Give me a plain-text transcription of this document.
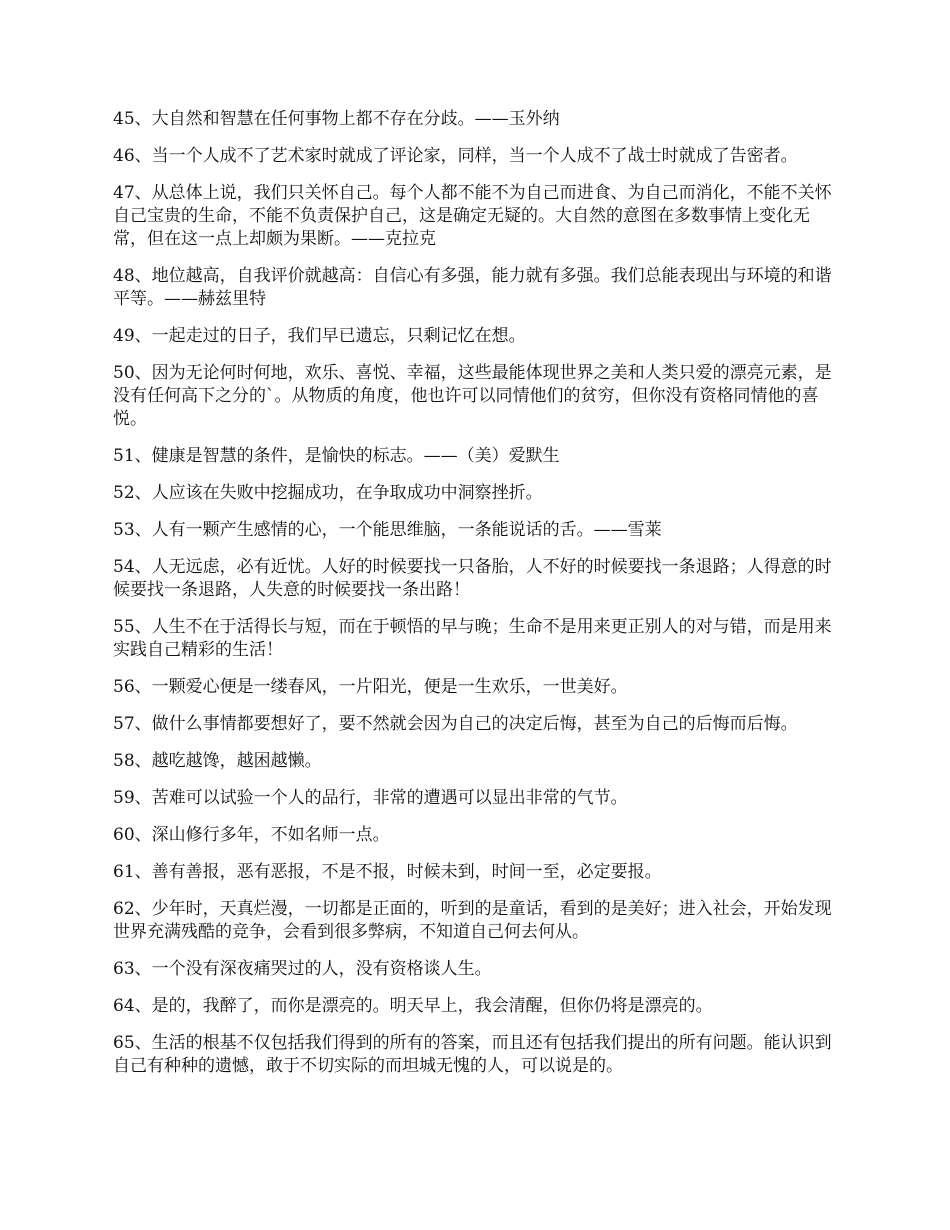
45、大自然和智慧在任何事物上都不存在分歧。——玉外纳

46、当一个人成不了艺术家时就成了评论家，同样，当一个人成不了战士时就成了告密者。

47、从总体上说，我们只关怀自己。每个人都不能不为自己而进食、为自己而消化，不能不关怀自己宝贵的生命，不能不负责保护自己，这是确定无疑的。大自然的意图在多数事情上变化无常，但在这一点上却颇为果断。——克拉克

48、地位越高，自我评价就越高：自信心有多强，能力就有多强。我们总能表现出与环境的和谐平等。——赫兹里特

49、一起走过的日子，我们早已遗忘，只剩记忆在想。

50、因为无论何时何地，欢乐、喜悦、幸福，这些最能体现世界之美和人类只爱的漂亮元素，是没有任何高下之分的`。从物质的角度，他也许可以同情他们的贫穷，但你没有资格同情他的喜悦。

51、健康是智慧的条件，是愉快的标志。——（美）爱默生

52、人应该在失败中挖掘成功，在争取成功中洞察挫折。

53、人有一颗产生感情的心，一个能思维脑，一条能说话的舌。——雪莱

54、人无远虑，必有近忧。人好的时候要找一只备胎，人不好的时候要找一条退路；人得意的时候要找一条退路，人失意的时候要找一条出路！

55、人生不在于活得长与短，而在于顿悟的早与晚；生命不是用来更正别人的对与错，而是用来实践自己精彩的生活！

56、一颗爱心便是一缕春风，一片阳光，便是一生欢乐，一世美好。

57、做什么事情都要想好了，要不然就会因为自己的决定后悔，甚至为自己的后悔而后悔。

58、越吃越馋，越困越懒。

59、苦难可以试验一个人的品行，非常的遭遇可以显出非常的气节。

60、深山修行多年，不如名师一点。

61、善有善报，恶有恶报，不是不报，时候未到，时间一至，必定要报。

62、少年时，天真烂漫，一切都是正面的，听到的是童话，看到的是美好；进入社会，开始发现世界充满残酷的竞争，会看到很多弊病，不知道自己何去何从。

63、一个没有深夜痛哭过的人，没有资格谈人生。

64、是的，我醉了，而你是漂亮的。明天早上，我会清醒，但你仍将是漂亮的。

65、生活的根基不仅包括我们得到的所有的答案，而且还有包括我们提出的所有问题。能认识到自己有种种的遗憾，敢于不切实际的而坦城无愧的人，可以说是的。
